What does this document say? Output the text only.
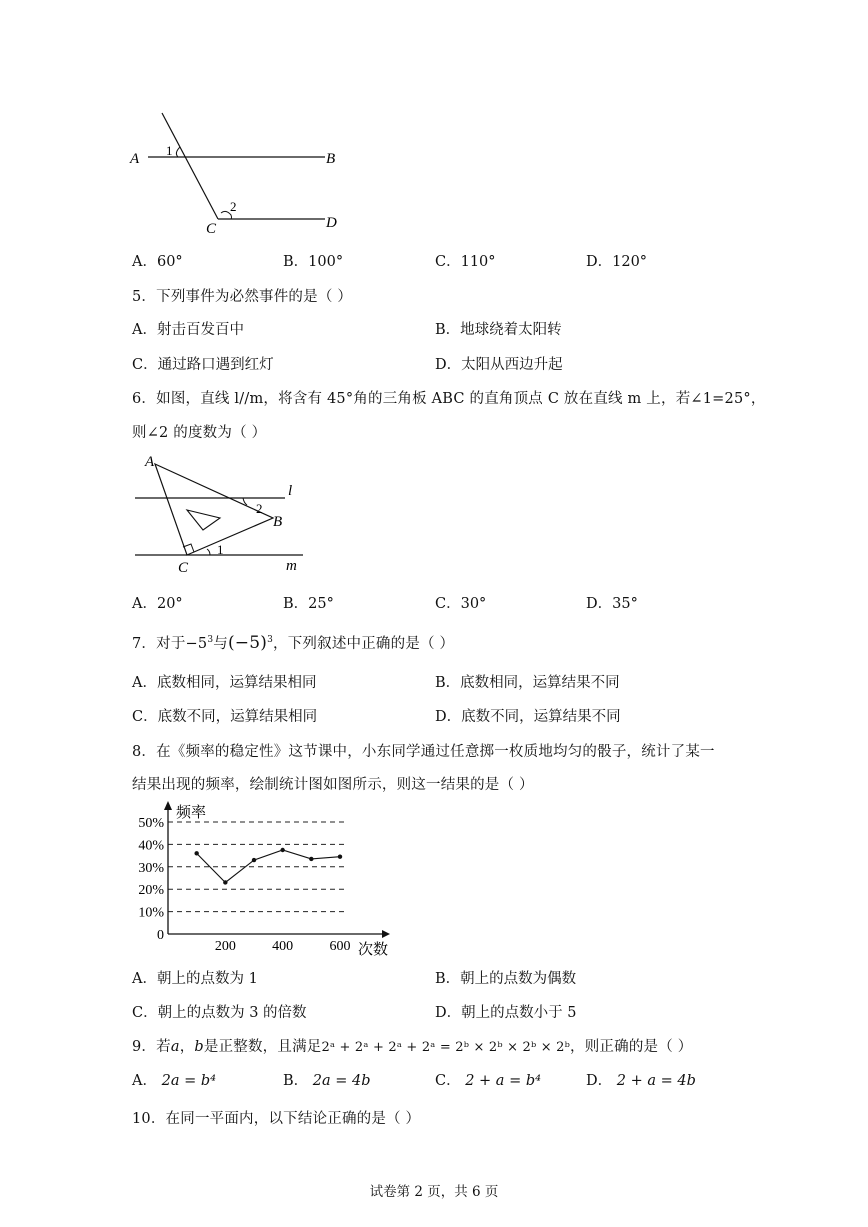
A	B
C	D
1
2
A．60°	B．100°	C．110°	D．120°
5．下列事件为必然事件的是（ ）
A．射击百发百中	B．地球绕着太阳转
C．通过路口遇到红灯	D．太阳从西边升起
6．如图，直线 l//m，将含有 45°角的三角板 ABC 的直角顶点 C 放在直线 m 上，若∠1=25°，
则∠2 的度数为（ ）
A
B
C
l
m
1
2
A．20°	B．25°	C．30°	D．35°
7．对于$-5^3$与$(-5)^3$，下列叙述中正确的是（ ）
A．底数相同，运算结果相同	B．底数相同，运算结果不同
C．底数不同，运算结果相同	D．底数不同，运算结果不同
8．在《频率的稳定性》这节课中，小东同学通过任意掷一枚质地均匀的骰子，统计了某一
结果出现的频率，绘制统计图如图所示，则这一结果的是（ ）
频率
次数
0
10%
20%
30%
40%
50%
200	400	600
A．朝上的点数为 1	B．朝上的点数为偶数
C．朝上的点数为 3 的倍数	D．朝上的点数小于 5
9．若a，b是正整数，且满足2ᵃ + 2ᵃ + 2ᵃ + 2ᵃ = 2ᵇ × 2ᵇ × 2ᵇ × 2ᵇ，则正确的是（ ）
A． 2a = b⁴	B． 2a = 4b	C． 2 + a = b⁴	D． 2 + a = 4b
10．在同一平面内，以下结论正确的是（ ）
试卷第 2 页，共 6 页
